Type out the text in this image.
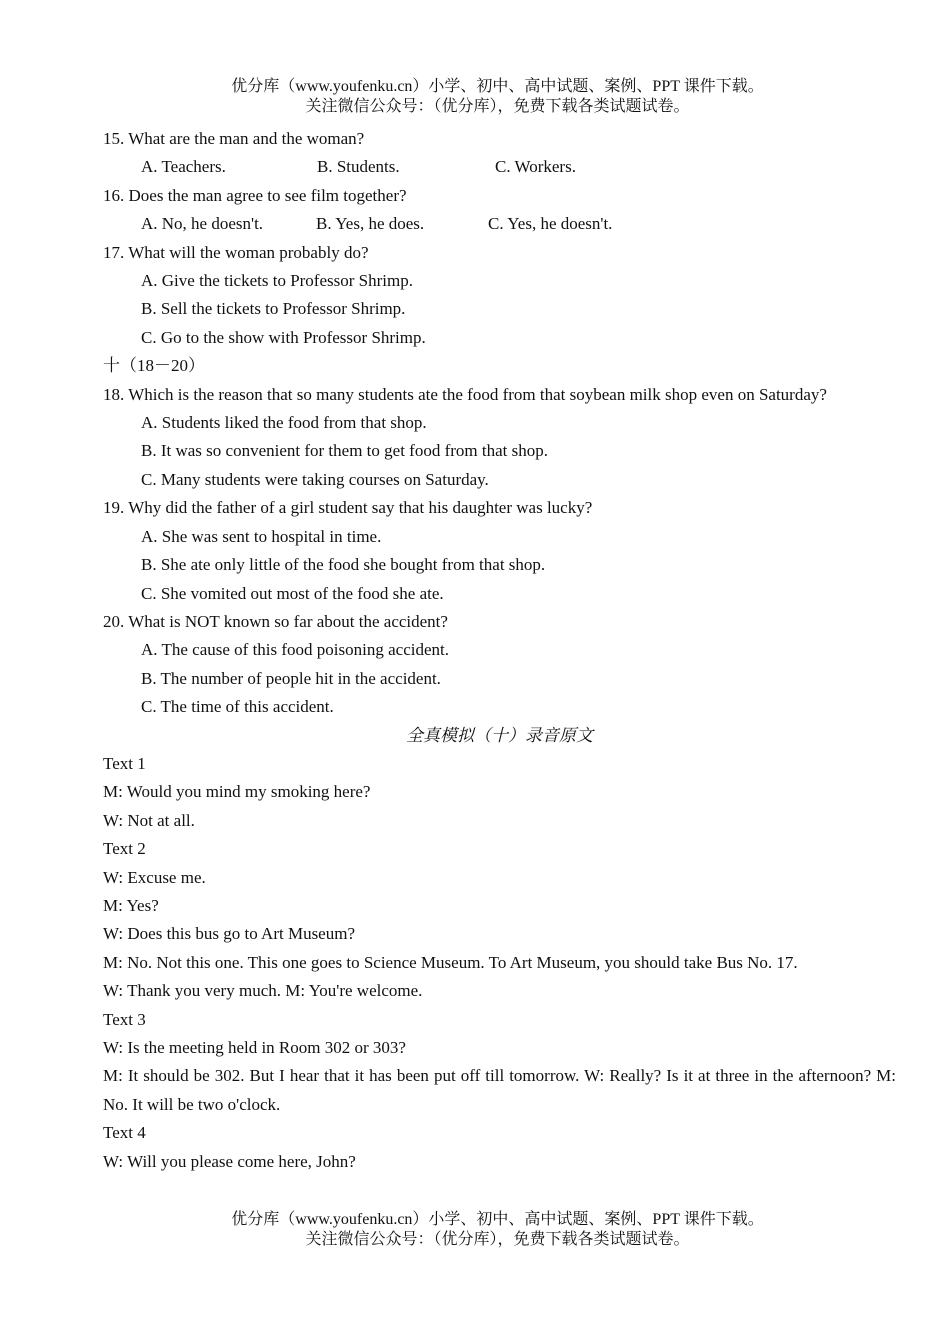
优分库（www.youfenku.cn）小学、初中、高中试题、案例、PPT 课件下载。
关注微信公众号：（优分库），免费下载各类试题试卷。
15. What are the man and the woman?
A. Teachers.	B. Students.	C. Workers.
16. Does the man agree to see film together?
A. No, he doesn't.	B. Yes, he does.	C. Yes, he doesn't.
17. What will the woman probably do?
A. Give the tickets to Professor Shrimp.
B. Sell the tickets to Professor Shrimp.
C. Go to the show with Professor Shrimp.
十（18－20）
18. Which is the reason that so many students ate the food from that soybean milk shop even on Saturday?
A. Students liked the food from that shop.
B. It was so convenient for them to get food from that shop.
C. Many students were taking courses on Saturday.
19. Why did the father of a girl student say that his daughter was lucky?
A. She was sent to hospital in time.
B. She ate only little of the food she bought from that shop.
C. She vomited out most of the food she ate.
20. What is NOT known so far about the accident?
A. The cause of this food poisoning accident.
B. The number of people hit in the accident.
C. The time of this accident.
全真模拟（十）录音原文
Text 1
M: Would you mind my smoking here?
W: Not at all.
Text 2
W: Excuse me.
M: Yes?
W: Does this bus go to Art Museum?
M: No. Not this one. This one goes to Science Museum. To Art Museum, you should take Bus No. 17.
W: Thank you very much. M: You're welcome.
Text 3
W: Is the meeting held in Room 302 or 303?
M: It should be 302. But I hear that it has been put off till tomorrow. W: Really? Is it at three in the afternoon? M: No. It will be two o'clock.
Text 4
W: Will you please come here, John?
优分库（www.youfenku.cn）小学、初中、高中试题、案例、PPT 课件下载。
关注微信公众号：（优分库），免费下载各类试题试卷。
